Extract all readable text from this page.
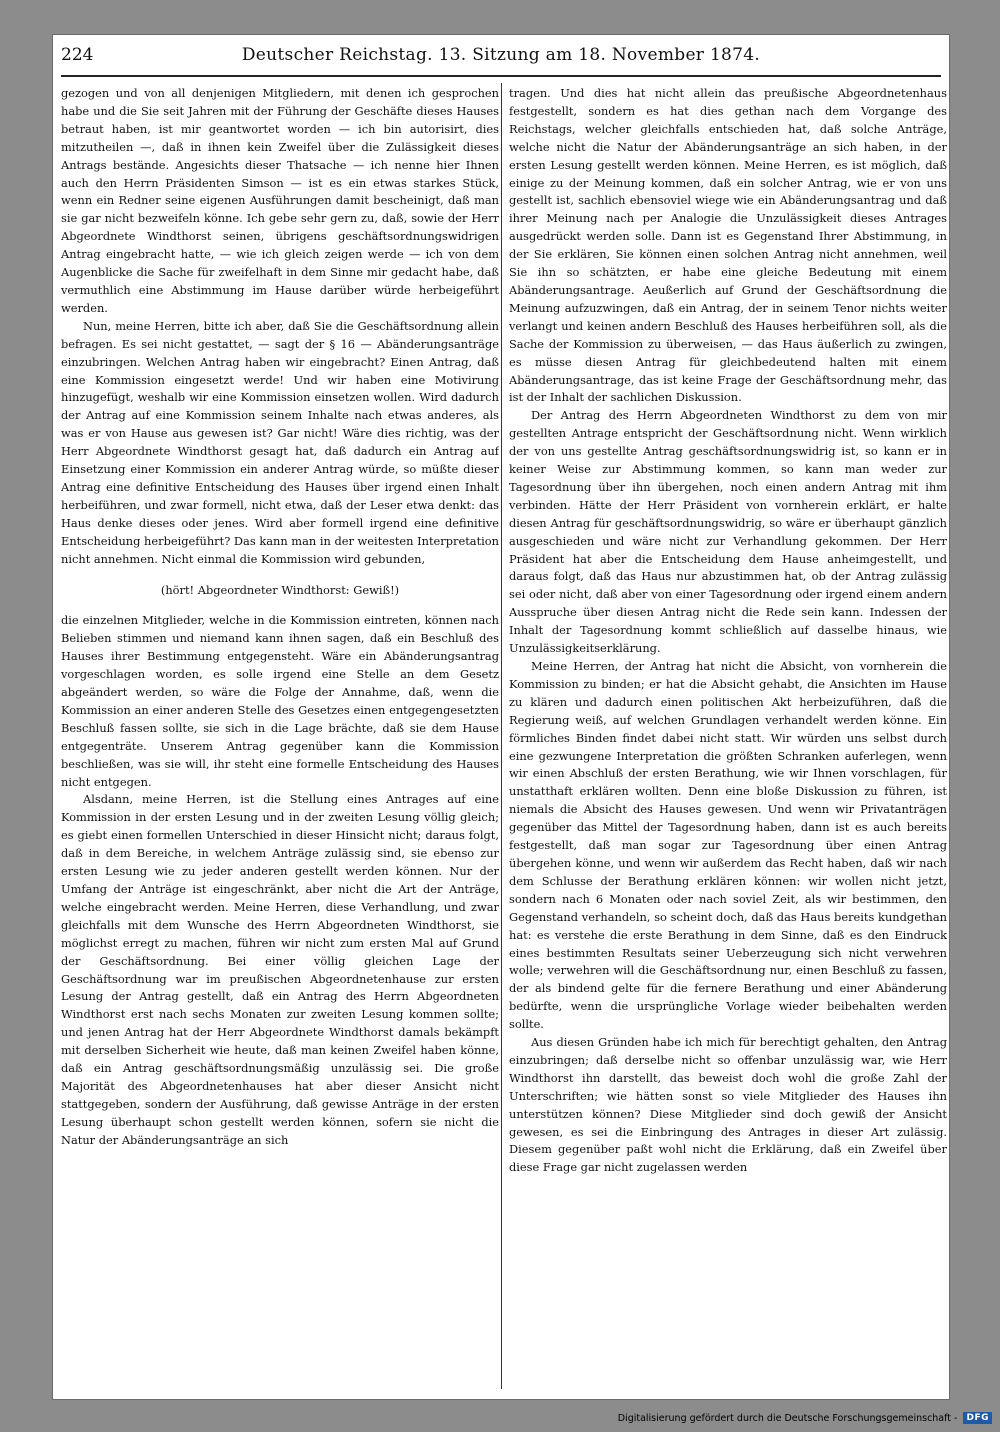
224	Deutscher Reichstag. 13. Sitzung am 18. November 1874.

gezogen und von all denjenigen Mitgliedern, mit denen ich gesprochen habe und die Sie seit Jahren mit der Führung der Geschäfte dieses Hauses betraut haben, ist mir geantwortet worden — ich bin autorisirt, dies mitzutheilen —, daß in ihnen kein Zweifel über die Zulässigkeit dieses Antrags bestände. Angesichts dieser Thatsache — ich nenne hier Ihnen auch den Herrn Präsidenten Simson — ist es ein etwas starkes Stück, wenn ein Redner seine eigenen Ausführungen damit bescheinigt, daß man sie gar nicht bezweifeln könne. Ich gebe sehr gern zu, daß, sowie der Herr Abgeordnete Windthorst seinen, übrigens geschäftsordnungswidrigen Antrag eingebracht hatte, — wie ich gleich zeigen werde — ich von dem Augenblicke die Sache für zweifelhaft in dem Sinne mir gedacht habe, daß vermuthlich eine Abstimmung im Hause darüber würde herbeigeführt werden.

Nun, meine Herren, bitte ich aber, daß Sie die Geschäftsordnung allein befragen. Es sei nicht gestattet, — sagt der § 16 — Abänderungsanträge einzubringen. Welchen Antrag haben wir eingebracht? Einen Antrag, daß eine Kommission eingesetzt werde! Und wir haben eine Motivirung hinzugefügt, weshalb wir eine Kommission einsetzen wollen. Wird dadurch der Antrag auf eine Kommission seinem Inhalte nach etwas anderes, als was er von Hause aus gewesen ist? Gar nicht! Wäre dies richtig, was der Herr Abgeordnete Windthorst gesagt hat, daß dadurch ein Antrag auf Einsetzung einer Kommission ein anderer Antrag würde, so müßte dieser Antrag eine definitive Entscheidung des Hauses über irgend einen Inhalt herbeiführen, und zwar formell, nicht etwa, daß der Leser etwa denkt: das Haus denke dieses oder jenes. Wird aber formell irgend eine definitive Entscheidung herbeigeführt? Das kann man in der weitesten Interpretation nicht annehmen. Nicht einmal die Kommission wird gebunden,

(hört! Abgeordneter Windthorst: Gewiß!)

die einzelnen Mitglieder, welche in die Kommission eintreten, können nach Belieben stimmen und niemand kann ihnen sagen, daß ein Beschluß des Hauses ihrer Bestimmung entgegensteht. Wäre ein Abänderungsantrag vorgeschlagen worden, es solle irgend eine Stelle an dem Gesetz abgeändert werden, so wäre die Folge der Annahme, daß, wenn die Kommission an einer anderen Stelle des Gesetzes einen entgegengesetzten Beschluß fassen sollte, sie sich in die Lage brächte, daß sie dem Hause entgegenträte. Unserem Antrag gegenüber kann die Kommission beschließen, was sie will, ihr steht eine formelle Entscheidung des Hauses nicht entgegen.

Alsdann, meine Herren, ist die Stellung eines Antrages auf eine Kommission in der ersten Lesung und in der zweiten Lesung völlig gleich; es giebt einen formellen Unterschied in dieser Hinsicht nicht; daraus folgt, daß in dem Bereiche, in welchem Anträge zulässig sind, sie ebenso zur ersten Lesung wie zu jeder anderen gestellt werden können. Nur der Umfang der Anträge ist eingeschränkt, aber nicht die Art der Anträge, welche eingebracht werden. Meine Herren, diese Verhandlung, und zwar gleichfalls mit dem Wunsche des Herrn Abgeordneten Windthorst, sie möglichst erregt zu machen, führen wir nicht zum ersten Mal auf Grund der Geschäftsordnung. Bei einer völlig gleichen Lage der Geschäftsordnung war im preußischen Abgeordnetenhause zur ersten Lesung der Antrag gestellt, daß ein Antrag des Herrn Abgeordneten Windthorst erst nach sechs Monaten zur zweiten Lesung kommen sollte; und jenen Antrag hat der Herr Abgeordnete Windthorst damals bekämpft mit derselben Sicherheit wie heute, daß man keinen Zweifel haben könne, daß ein Antrag geschäftsordnungsmäßig unzulässig sei. Die große Majorität des Abgeordnetenhauses hat aber dieser Ansicht nicht stattgegeben, sondern der Ausführung, daß gewisse Anträge in der ersten Lesung überhaupt schon gestellt werden können, sofern sie nicht die Natur der Abänderungsanträge an sich

tragen. Und dies hat nicht allein das preußische Abgeordnetenhaus festgestellt, sondern es hat dies gethan nach dem Vorgange des Reichstags, welcher gleichfalls entschieden hat, daß solche Anträge, welche nicht die Natur der Abänderungsanträge an sich haben, in der ersten Lesung gestellt werden können. Meine Herren, es ist möglich, daß einige zu der Meinung kommen, daß ein solcher Antrag, wie er von uns gestellt ist, sachlich ebensoviel wiege wie ein Abänderungsantrag und daß ihrer Meinung nach per Analogie die Unzulässigkeit dieses Antrages ausgedrückt werden solle. Dann ist es Gegenstand Ihrer Abstimmung, in der Sie erklären, Sie können einen solchen Antrag nicht annehmen, weil Sie ihn so schätzten, er habe eine gleiche Bedeutung mit einem Abänderungsantrage. Aeußerlich auf Grund der Geschäftsordnung die Meinung aufzuzwingen, daß ein Antrag, der in seinem Tenor nichts weiter verlangt und keinen andern Beschluß des Hauses herbeiführen soll, als die Sache der Kommission zu überweisen, — das Haus äußerlich zu zwingen, es müsse diesen Antrag für gleichbedeutend halten mit einem Abänderungsantrage, das ist keine Frage der Geschäftsordnung mehr, das ist der Inhalt der sachlichen Diskussion.

Der Antrag des Herrn Abgeordneten Windthorst zu dem von mir gestellten Antrage entspricht der Geschäftsordnung nicht. Wenn wirklich der von uns gestellte Antrag geschäftsordnungswidrig ist, so kann er in keiner Weise zur Abstimmung kommen, so kann man weder zur Tagesordnung über ihn übergehen, noch einen andern Antrag mit ihm verbinden. Hätte der Herr Präsident von vornherein erklärt, er halte diesen Antrag für geschäftsordnungswidrig, so wäre er überhaupt gänzlich ausgeschieden und wäre nicht zur Verhandlung gekommen. Der Herr Präsident hat aber die Entscheidung dem Hause anheimgestellt, und daraus folgt, daß das Haus nur abzustimmen hat, ob der Antrag zulässig sei oder nicht, daß aber von einer Tagesordnung oder irgend einem andern Ausspruche über diesen Antrag nicht die Rede sein kann. Indessen der Inhalt der Tagesordnung kommt schließlich auf dasselbe hinaus, wie Unzulässigkeitserklärung.

Meine Herren, der Antrag hat nicht die Absicht, von vornherein die Kommission zu binden; er hat die Absicht gehabt, die Ansichten im Hause zu klären und dadurch einen politischen Akt herbeizuführen, daß die Regierung weiß, auf welchen Grundlagen verhandelt werden könne. Ein förmliches Binden findet dabei nicht statt. Wir würden uns selbst durch eine gezwungene Interpretation die größten Schranken auferlegen, wenn wir einen Abschluß der ersten Berathung, wie wir Ihnen vorschlagen, für unstatthaft erklären wollten. Denn eine bloße Diskussion zu führen, ist niemals die Absicht des Hauses gewesen. Und wenn wir Privatanträgen gegenüber das Mittel der Tagesordnung haben, dann ist es auch bereits festgestellt, daß man sogar zur Tagesordnung über einen Antrag übergehen könne, und wenn wir außerdem das Recht haben, daß wir nach dem Schlusse der Berathung erklären können: wir wollen nicht jetzt, sondern nach 6 Monaten oder nach soviel Zeit, als wir bestimmen, den Gegenstand verhandeln, so scheint doch, daß das Haus bereits kundgethan hat: es verstehe die erste Berathung in dem Sinne, daß es den Eindruck eines bestimmten Resultats seiner Ueberzeugung sich nicht verwehren wolle; verwehren will die Geschäftsordnung nur, einen Beschluß zu fassen, der als bindend gelte für die fernere Berathung und einer Abänderung bedürfte, wenn die ursprüngliche Vorlage wieder beibehalten werden sollte.

Aus diesen Gründen habe ich mich für berechtigt gehalten, den Antrag einzubringen; daß derselbe nicht so offenbar unzulässig war, wie Herr Windthorst ihn darstellt, das beweist doch wohl die große Zahl der Unterschriften; wie hätten sonst so viele Mitglieder des Hauses ihn unterstützen können? Diese Mitglieder sind doch gewiß der Ansicht gewesen, es sei die Einbringung des Antrages in dieser Art zulässig. Diesem gegenüber paßt wohl nicht die Erklärung, daß ein Zweifel über diese Frage gar nicht zugelassen werden

Digitalisierung gefördert durch die Deutsche Forschungsgemeinschaft -	DFG
